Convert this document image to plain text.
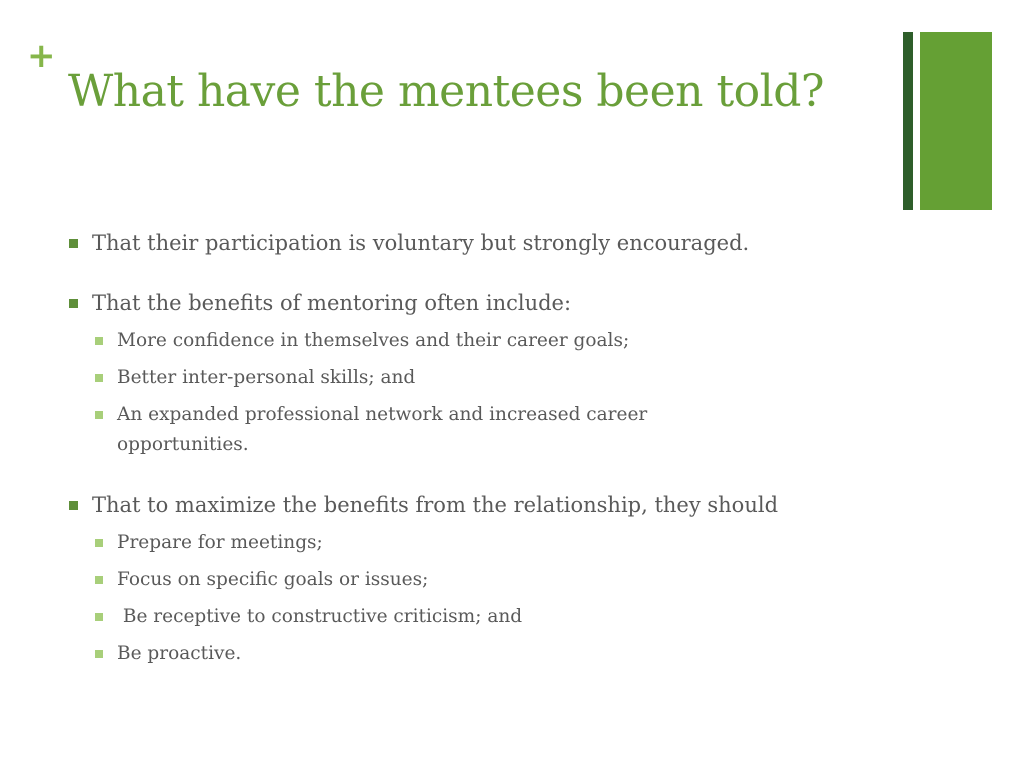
+
What have the mentees been told?
That their participation is voluntary but strongly encouraged.
That the benefits of mentoring often include:
More confidence in themselves and their career goals;
Better inter-personal skills; and
An expanded professional network and increased career opportunities.
That to maximize the benefits from the relationship, they should
Prepare for meetings;
Focus on specific goals or issues;
Be receptive to constructive criticism; and
Be proactive.
